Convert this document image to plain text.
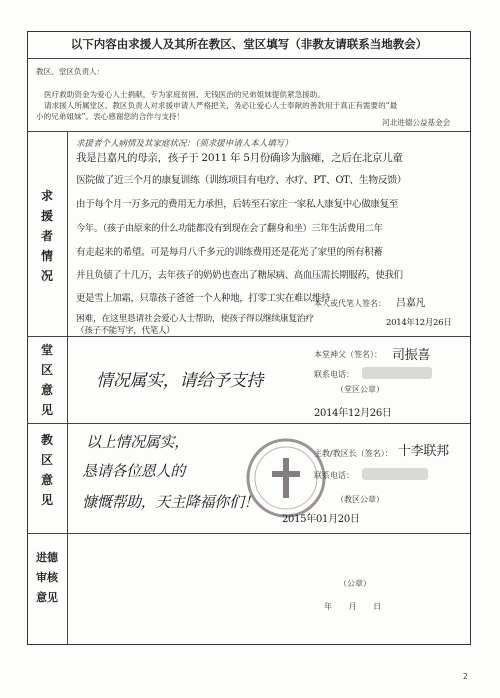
以下内容由求援人及其所在教区、堂区填写（非教友请联系当地教会）
教区、堂区负责人：
医疗救助资金为爱心人士捐献，专为家庭贫困、无钱医治的兄弟姐妹提供紧急援助。
请求援人所属堂区、教区负责人对求援申请人严格把关，务必让爱心人士奉献的善款用于真正有需要的“最
小的兄弟姐妹”。衷心感谢您的合作与支持！
河北进德公益基金会
求
援
者
情
况
求援者个人病情及其家庭状况：（须求援申请人本人填写）
我是吕嘉凡的母亲，孩子于 2011 年 5月份确诊为脑瘫，之后在北京儿童
医院做了近三个月的康复训练（训练项目有电疗、水疗、PT、OT、生物反馈）
由于每个月一万多元的费用无力承担，后转至石家庄一家私人康复中心做康复至
今年。（孩子由原来的什么功能都没有到现在会了翻身和坐）三年生活费用二年
有走起来的希望。可是每月八千多元的训练费用还是花光了家里的所有积蓄
并且负债了十几万，去年孩子的奶奶也查出了糖尿病、高血压需长期服药，使我们
更是雪上加霜，只靠孩子爸爸一个人种地，打零工实在难以维持
困难，在这里恳请社会爱心人士帮助，使孩子得以继续康复治疗
本人或代笔人签名： 吕嘉凡
2014年12月26日
（孩子不能写字，代笔人）
堂
区
意
见
情况属实，请给予支持
本堂神父（签名）： 司振喜
联系电话：
（堂区公章）
2014年12月26日
教
区
意
见
以上情况属实，
恳请各位恩人的
慷慨帮助，天主降福你们！
主教/教区长（签名）： 十李联邦
联系电话：
（教区公章）
2015年01月20日
进德
审核
意见
（公章）
年 月 日
2
